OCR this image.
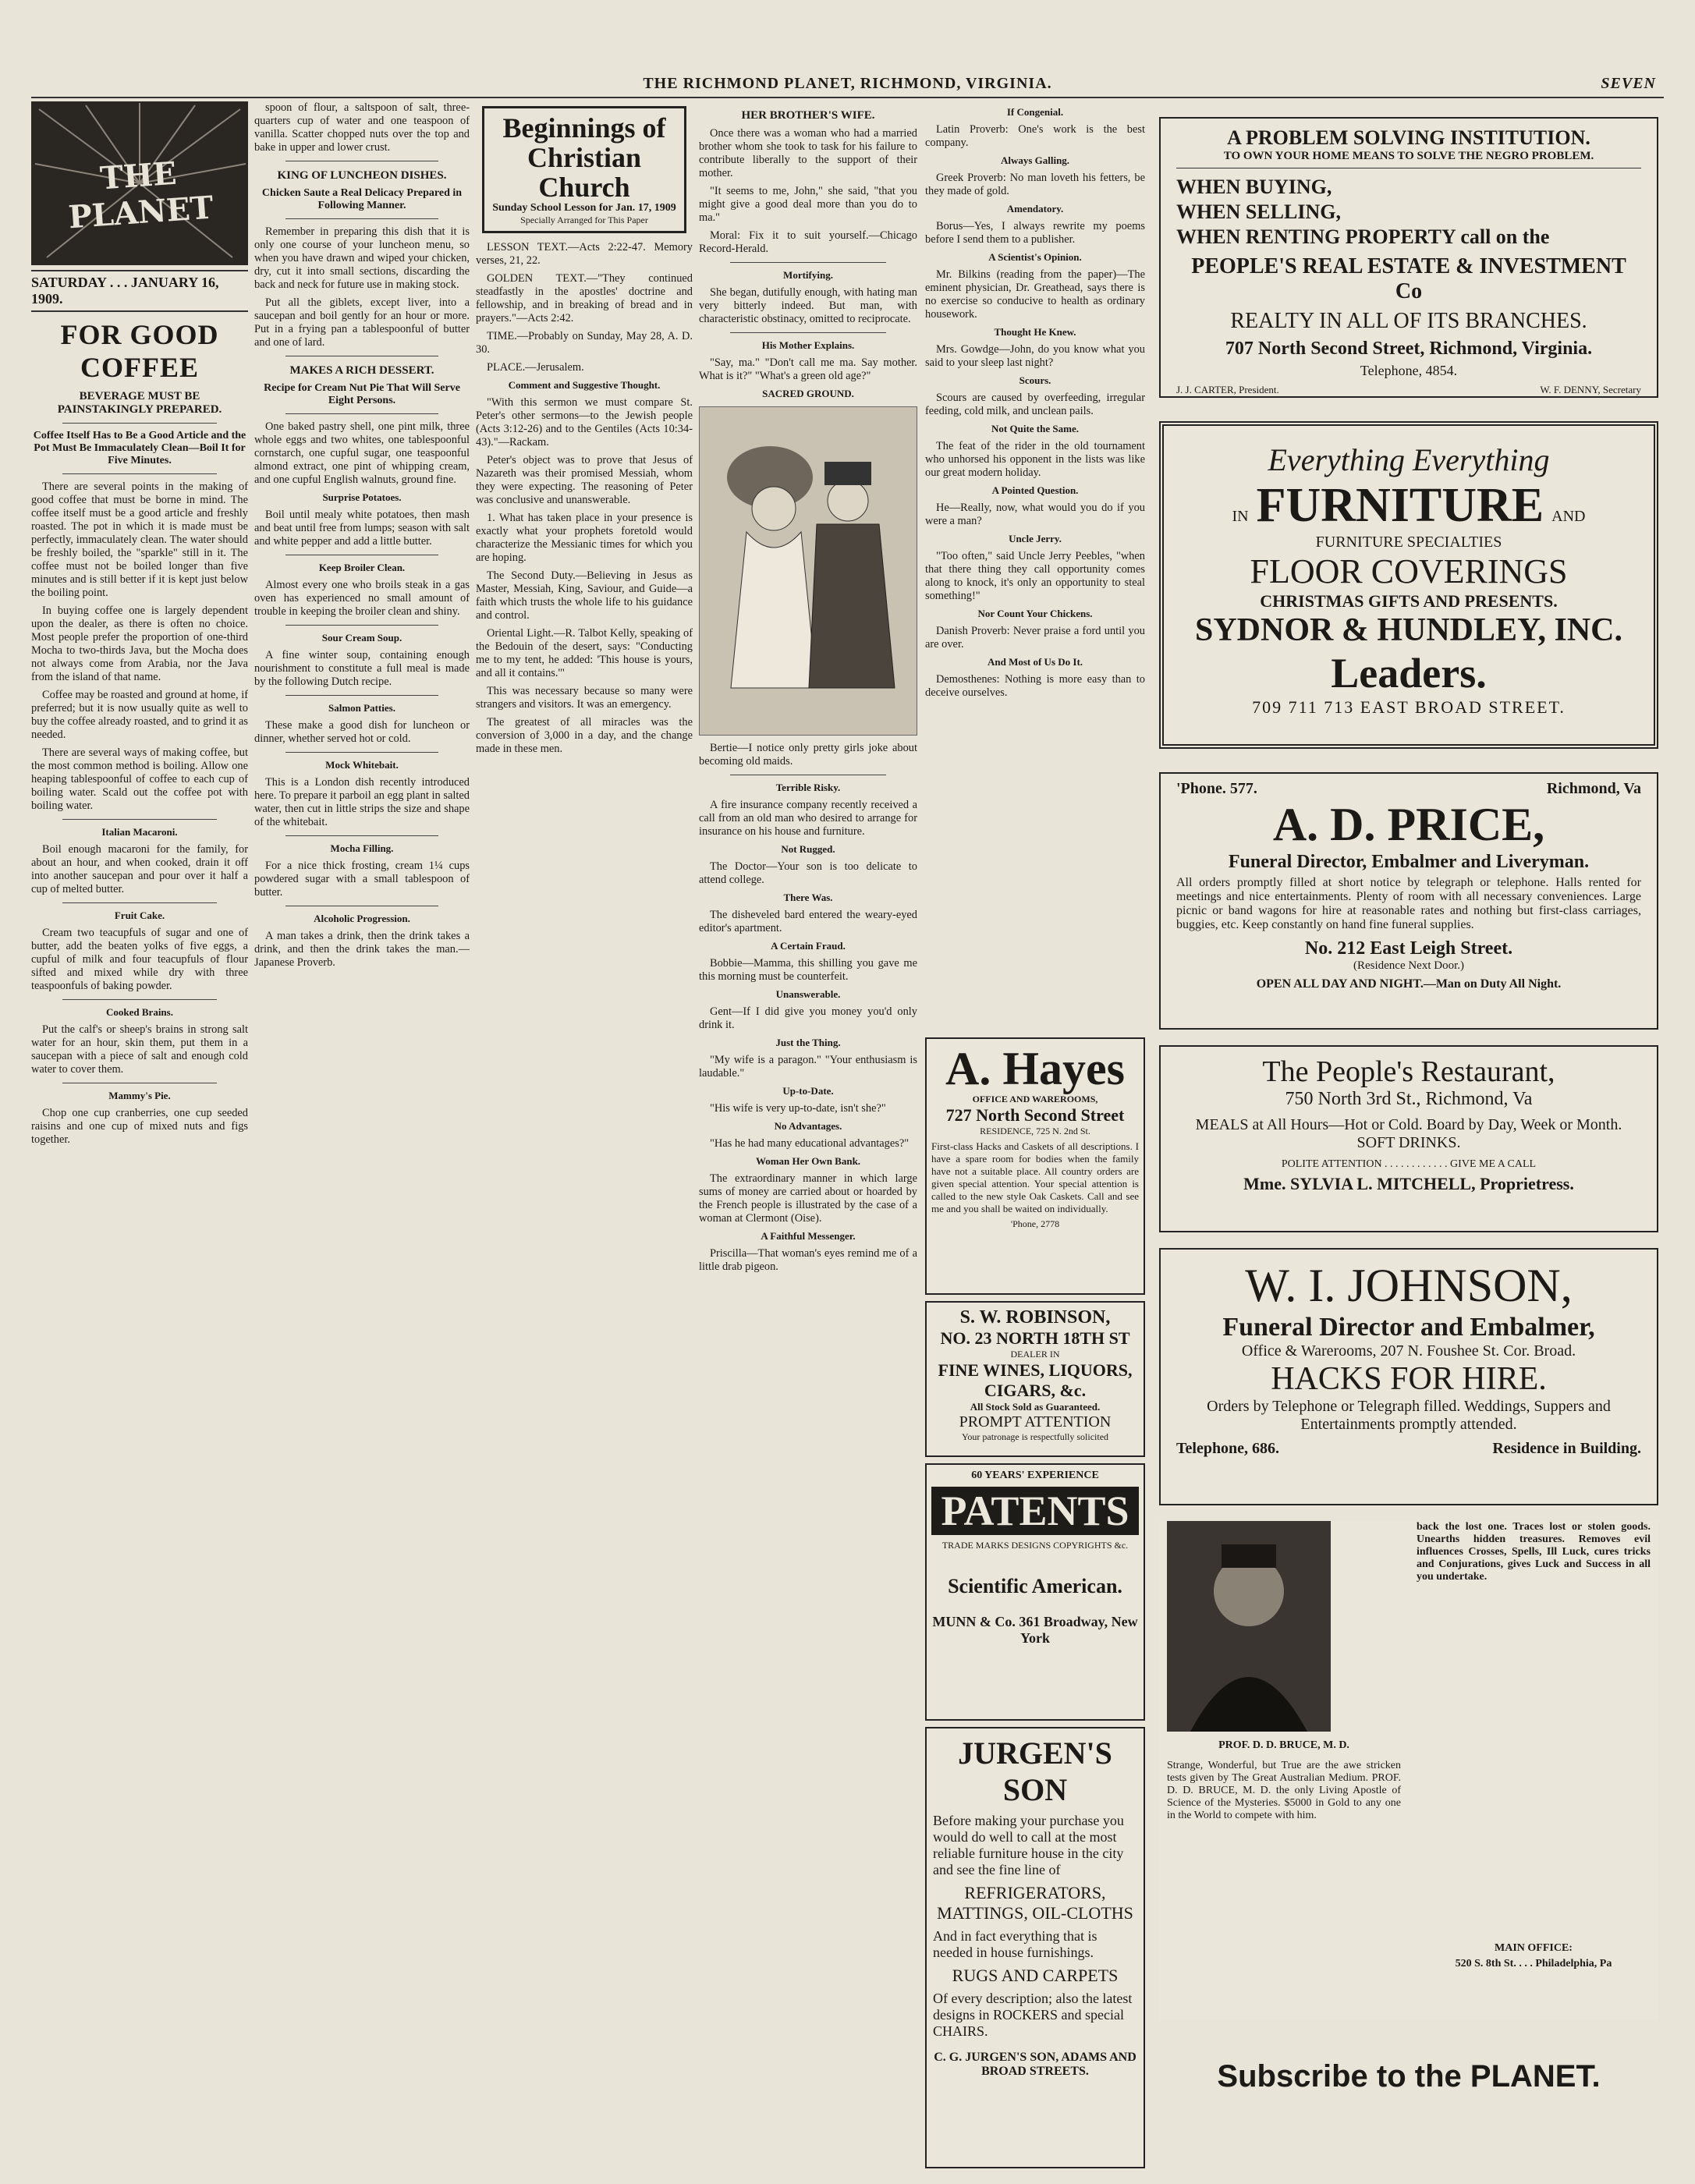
THE RICHMOND PLANET, RICHMOND, VIRGINIA.	SEVEN
THE PLANET
SATURDAY . . . JANUARY 16, 1909.
FOR GOOD COFFEE
BEVERAGE MUST BE PAINSTAKINGLY PREPARED.
Coffee Itself Has to Be a Good Article and the Pot Must Be Immaculately Clean—Boil It for Five Minutes.

There are several points in the making of good coffee that must be borne in mind. The coffee itself must be a good article and freshly roasted. The pot in which it is made must be perfectly, immaculately clean. The water should be freshly boiled, the "sparkle" still in it. The coffee must not be boiled longer than five minutes and is still better if it is kept just below the boiling point.

In buying coffee one is largely dependent upon the dealer, as there is often no choice. Most people prefer the proportion of one-third Mocha to two-thirds Java, but the Mocha does not always come from Arabia, nor the Java from the island of that name.

Coffee may be roasted and ground at home, if preferred; but it is now usually quite as well to buy the coffee already roasted, and to grind it as needed.

There are several ways of making coffee, but the most common method is boiling. Allow one heaping tablespoonful of coffee to each cup of boiling water. Scald out the coffee pot with boiling water.

Italian Macaroni.

Boil enough macaroni for the family, for about an hour, and when cooked, drain it off into another saucepan and pour over it half a cup of melted butter.

Fruit Cake.

Cream two teacupfuls of sugar and one of butter, add the beaten yolks of five eggs, a cupful of milk and four teacupfuls of flour sifted and mixed while dry with three teaspoonfuls of baking powder.

Cooked Brains.

Put the calf's or sheep's brains in strong salt water for an hour, skin them, put them in a saucepan with a piece of salt and enough cold water to cover them.

Mammy's Pie.

Chop one cup cranberries, one cup seeded raisins and one cup of mixed nuts and figs together.

spoon of flour, a saltspoon of salt, three-quarters cup of water and one teaspoon of vanilla. Scatter chopped nuts over the top and bake in upper and lower crust.

KING OF LUNCHEON DISHES.
Chicken Saute a Real Delicacy Prepared in Following Manner.

Remember in preparing this dish that it is only one course of your luncheon menu, so when you have drawn and wiped your chicken, dry, cut it into small sections, discarding the back and neck for future use in making stock.

Put all the giblets, except liver, into a saucepan and boil gently for an hour or more. Put in a frying pan a tablespoonful of butter and one of lard.

MAKES A RICH DESSERT.
Recipe for Cream Nut Pie That Will Serve Eight Persons.

One baked pastry shell, one pint milk, three whole eggs and two whites, one tablespoonful cornstarch, one cupful sugar, one teaspoonful almond extract, one pint of whipping cream, and one cupful English walnuts, ground fine.

Surprise Potatoes.

Boil until mealy white potatoes, then mash and beat until free from lumps; season with salt and white pepper and add a little butter.

Keep Broiler Clean.

Almost every one who broils steak in a gas oven has experienced no small amount of trouble in keeping the broiler clean and shiny.

Sour Cream Soup.

A fine winter soup, containing enough nourishment to constitute a full meal is made by the following Dutch recipe.

Salmon Patties.

These make a good dish for luncheon or dinner, whether served hot or cold.

Mock Whitebait.

This is a London dish recently introduced here. To prepare it parboil an egg plant in salted water, then cut in little strips the size and shape of the whitebait.

Mocha Filling.

For a nice thick frosting, cream 1¼ cups powdered sugar with a small tablespoon of butter.

Alcoholic Progression.

A man takes a drink, then the drink takes a drink, and then the drink takes the man.—Japanese Proverb.

Beginnings of Christian Church
Sunday School Lesson for Jan. 17, 1909
Specially Arranged for This Paper

LESSON TEXT.—Acts 2:22-47. Memory verses, 21, 22.

GOLDEN TEXT.—"They continued steadfastly in the apostles' doctrine and fellowship, and in breaking of bread and in prayers."—Acts 2:42.

TIME.—Probably on Sunday, May 28, A. D. 30.

PLACE.—Jerusalem.

Comment and Suggestive Thought.

"With this sermon we must compare St. Peter's other sermons—to the Jewish people (Acts 3:12-26) and to the Gentiles (Acts 10:34-43)."—Rackam.

Peter's object was to prove that Jesus of Nazareth was their promised Messiah, whom they were expecting. The reasoning of Peter was conclusive and unanswerable.

1. What has taken place in your presence is exactly what your prophets foretold would characterize the Messianic times for which you are hoping.

The Second Duty.—Believing in Jesus as Master, Messiah, King, Saviour, and Guide—a faith which trusts the whole life to his guidance and control.

Oriental Light.—R. Talbot Kelly, speaking of the Bedouin of the desert, says: "Conducting me to my tent, he added: 'This house is yours, and all it contains.'"

This was necessary because so many were strangers and visitors. It was an emergency.

The greatest of all miracles was the conversion of 3,000 in a day, and the change made in these men.

HER BROTHER'S WIFE.

Once there was a woman who had a married brother whom she took to task for his failure to contribute liberally to the support of their mother.

"It seems to me, John," she said, "that you might give a good deal more than you do to ma."

Moral: Fix it to suit yourself.—Chicago Record-Herald.

Mortifying.

She began, dutifully enough, with hating man very bitterly indeed. But man, with characteristic obstinacy, omitted to reciprocate.

His Mother Explains.

"Say, ma." "Don't call me ma. Say mother. What is it?" "What's a green old age?"

SACRED GROUND.

Bertie—I notice only pretty girls joke about becoming old maids.

Terrible Risky.

A fire insurance company recently received a call from an old man who desired to arrange for insurance on his house and furniture.

Not Rugged.

The Doctor—Your son is too delicate to attend college.

There Was.

The disheveled bard entered the weary-eyed editor's apartment.

A Certain Fraud.

Bobbie—Mamma, this shilling you gave me this morning must be counterfeit.

Unanswerable.

Gent—If I did give you money you'd only drink it.

Just the Thing.

"My wife is a paragon." "Your enthusiasm is laudable."

Up-to-Date.

"His wife is very up-to-date, isn't she?"

No Advantages.

"Has he had many educational advantages?"

Woman Her Own Bank.

The extraordinary manner in which large sums of money are carried about or hoarded by the French people is illustrated by the case of a woman at Clermont (Oise).

A Faithful Messenger.

Priscilla—That woman's eyes remind me of a little drab pigeon.

If Congenial.

Latin Proverb: One's work is the best company.

Always Galling.

Greek Proverb: No man loveth his fetters, be they made of gold.

Amendatory.

Borus—Yes, I always rewrite my poems before I send them to a publisher.

A Scientist's Opinion.

Mr. Bilkins (reading from the paper)—The eminent physician, Dr. Greathead, says there is no exercise so conducive to health as ordinary housework.

Thought He Knew.

Mrs. Gowdge—John, do you know what you said to your sleep last night?

Scours.

Scours are caused by overfeeding, irregular feeding, cold milk, and unclean pails.

Not Quite the Same.

The feat of the rider in the old tournament who unhorsed his opponent in the lists was like our great modern holiday.

A Pointed Question.

He—Really, now, what would you do if you were a man?

Uncle Jerry.

"Too often," said Uncle Jerry Peebles, "when that there thing they call opportunity comes along to knock, it's only an opportunity to steal something!"

Nor Count Your Chickens.

Danish Proverb: Never praise a ford until you are over.

And Most of Us Do It.

Demosthenes: Nothing is more easy than to deceive ourselves.

A. Hayes
OFFICE AND WAREROOMS,
727 North Second Street
RESIDENCE, 725 N. 2nd St.
First-class Hacks and Caskets of all descriptions. I have a spare room for bodies when the family have not a suitable place. All country orders are given special attention. Your special attention is called to the new style Oak Caskets. Call and see me and you shall be waited on individually.
'Phone, 2778
S. W. ROBINSON,
NO. 23 NORTH 18TH ST
DEALER IN
FINE WINES, LIQUORS, CIGARS, &c.
All Stock Sold as Guaranteed.
PROMPT ATTENTION
Your patronage is respectfully solicited
60 YEARS' EXPERIENCE
PATENTS
TRADE MARKS DESIGNS COPYRIGHTS &c.
Scientific American.
MUNN & Co. 361 Broadway, New York
JURGEN'S SON
Before making your purchase you would do well to call at the most reliable furniture house in the city and see the fine line of
REFRIGERATORS, MATTINGS, OIL-CLOTHS
And in fact everything that is needed in house furnishings.
RUGS AND CARPETS
Of every description; also the latest designs in ROCKERS and special CHAIRS.
C. G. JURGEN'S SON, ADAMS AND BROAD STREETS.
A PROBLEM SOLVING INSTITUTION.
TO OWN YOUR HOME MEANS TO SOLVE THE NEGRO PROBLEM.
WHEN BUYING,
WHEN SELLING,
WHEN RENTING PROPERTY call on the
PEOPLE'S REAL ESTATE & INVESTMENT Co
REALTY IN ALL OF ITS BRANCHES.
707 North Second Street, Richmond, Virginia.
Telephone, 4854.
J. J. CARTER, President.	W. F. DENNY, Secretary
Everything Everything
IN FURNITURE AND
FURNITURE SPECIALTIES
FLOOR COVERINGS
CHRISTMAS GIFTS AND PRESENTS.
SYDNOR & HUNDLEY, INC.
Leaders.
709 711 713 EAST BROAD STREET.
'Phone. 577.	Richmond, Va
A. D. PRICE,
Funeral Director, Embalmer and Liveryman.
All orders promptly filled at short notice by telegraph or telephone. Halls rented for meetings and nice entertainments. Plenty of room with all necessary conveniences. Large picnic or band wagons for hire at reasonable rates and nothing but first-class carriages, buggies, etc. Keep constantly on hand fine funeral supplies.
No. 212 East Leigh Street.
(Residence Next Door.)
OPEN ALL DAY AND NIGHT.—Man on Duty All Night.
The People's Restaurant,
750 North 3rd St., Richmond, Va
MEALS at All Hours—Hot or Cold. Board by Day, Week or Month. SOFT DRINKS.
POLITE ATTENTION . . . . . . . . . . . . GIVE ME A CALL
Mme. SYLVIA L. MITCHELL, Proprietress.
W. I. JOHNSON,
Funeral Director and Embalmer,
Office & Warerooms, 207 N. Foushee St. Cor. Broad.
HACKS FOR HIRE.
Orders by Telephone or Telegraph filled. Weddings, Suppers and Entertainments promptly attended.
Telephone, 686.	Residence in Building.
PROF. D. D. BRUCE, M. D.
Strange, Wonderful, but True are the awe stricken tests given by The Great Australian Medium. PROF. D. D. BRUCE, M. D. the only Living Apostle of Science of the Mysteries. $5000 in Gold to any one in the World to compete with him.
back the lost one. Traces lost or stolen goods. Unearths hidden treasures. Removes evil influences Crosses, Spells, Ill Luck, cures tricks and Conjurations, gives Luck and Success in all you undertake.
MAIN OFFICE:
520 S. 8th St. . . . Philadelphia, Pa
Subscribe to the PLANET.
